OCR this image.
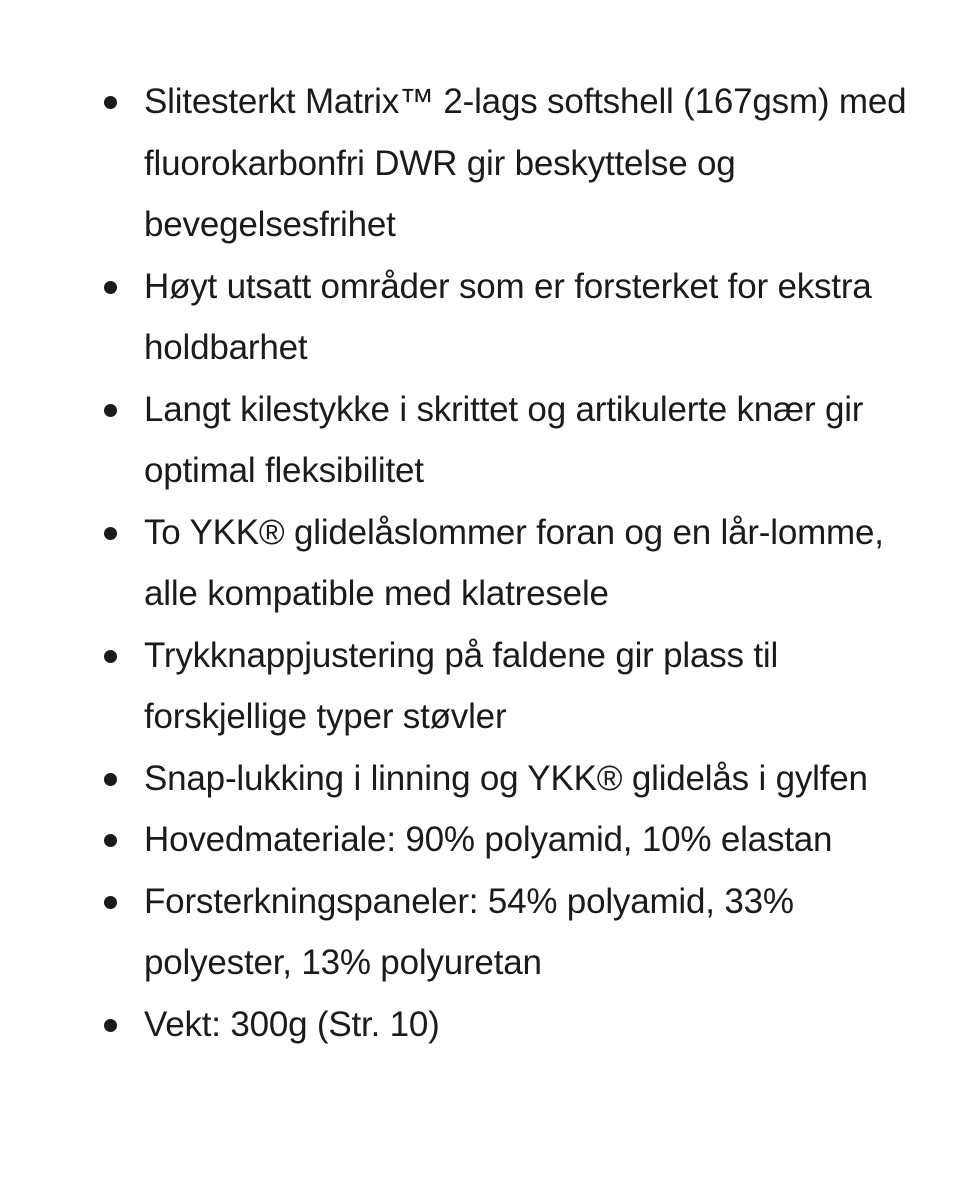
Slitesterkt Matrix™ 2-lags softshell (167gsm) med fluorokarbonfri DWR gir beskyttelse og bevegelsesfrihet
Høyt utsatt områder som er forsterket for ekstra holdbarhet
Langt kilestykke i skrittet og artikulerte knær gir optimal fleksibilitet
To YKK® glidelåslommer foran og en lår-lomme, alle kompatible med klatresele
Trykknappjustering på faldene gir plass til forskjellige typer støvler
Snap-lukking i linning og YKK® glidelås i gylfen
Hovedmateriale: 90% polyamid, 10% elastan
Forsterkningspaneler: 54% polyamid, 33% polyester, 13% polyuretan
Vekt: 300g (Str. 10)
